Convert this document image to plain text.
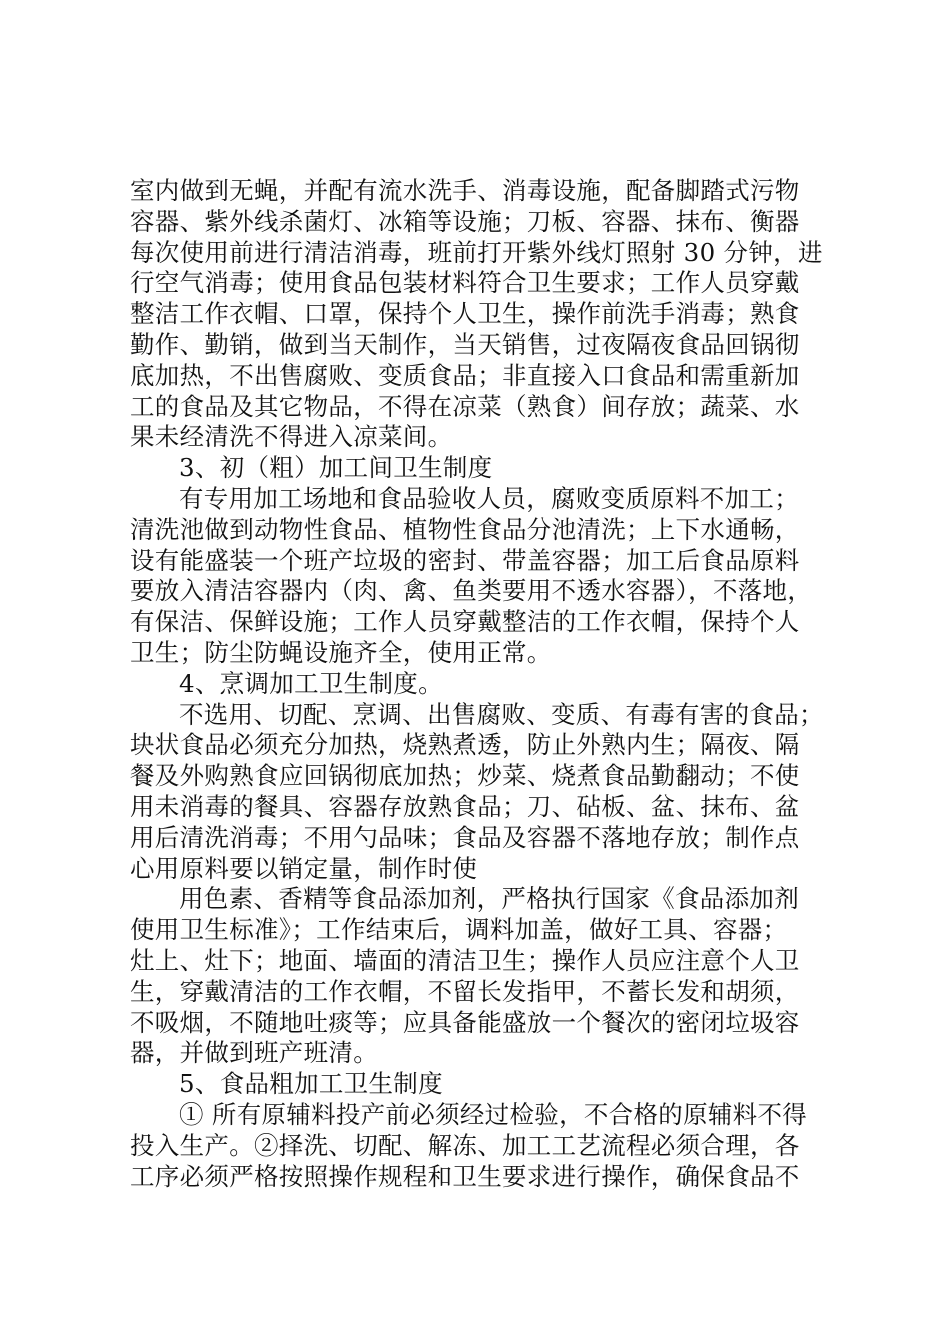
室内做到无蝇，并配有流水洗手、消毒设施，配备脚踏式污物
容器、紫外线杀菌灯、冰箱等设施；刀板、容器、抹布、衡器
每次使用前进行清洁消毒，班前打开紫外线灯照射 30 分钟，进
行空气消毒；使用食品包装材料符合卫生要求；工作人员穿戴
整洁工作衣帽、口罩，保持个人卫生，操作前洗手消毒；熟食
勤作、勤销，做到当天制作，当天销售，过夜隔夜食品回锅彻
底加热，不出售腐败、变质食品；非直接入口食品和需重新加
工的食品及其它物品，不得在凉菜（熟食）间存放；蔬菜、水
果未经清洗不得进入凉菜间。
3、初（粗）加工间卫生制度
有专用加工场地和食品验收人员，腐败变质原料不加工；
清洗池做到动物性食品、植物性食品分池清洗；上下水通畅，
设有能盛装一个班产垃圾的密封、带盖容器；加工后食品原料
要放入清洁容器内（肉、禽、鱼类要用不透水容器），不落地，
有保洁、保鲜设施；工作人员穿戴整洁的工作衣帽，保持个人
卫生；防尘防蝇设施齐全，使用正常。
4、烹调加工卫生制度。
不选用、切配、烹调、出售腐败、变质、有毒有害的食品；
块状食品必须充分加热，烧熟煮透，防止外熟内生；隔夜、隔
餐及外购熟食应回锅彻底加热；炒菜、烧煮食品勤翻动；不使
用未消毒的餐具、容器存放熟食品；刀、砧板、盆、抹布、盆
用后清洗消毒；不用勺品味；食品及容器不落地存放；制作点
心用原料要以销定量，制作时使
用色素、香精等食品添加剂，严格执行国家《食品添加剂
使用卫生标准》；工作结束后，调料加盖，做好工具、容器；
灶上、灶下；地面、墙面的清洁卫生；操作人员应注意个人卫
生，穿戴清洁的工作衣帽，不留长发指甲，不蓄长发和胡须，
不吸烟，不随地吐痰等；应具备能盛放一个餐次的密闭垃圾容
器，并做到班产班清。
5、食品粗加工卫生制度
① 所有原辅料投产前必须经过检验，不合格的原辅料不得
投入生产。②择洗、切配、解冻、加工工艺流程必须合理，各
工序必须严格按照操作规程和卫生要求进行操作，确保食品不
